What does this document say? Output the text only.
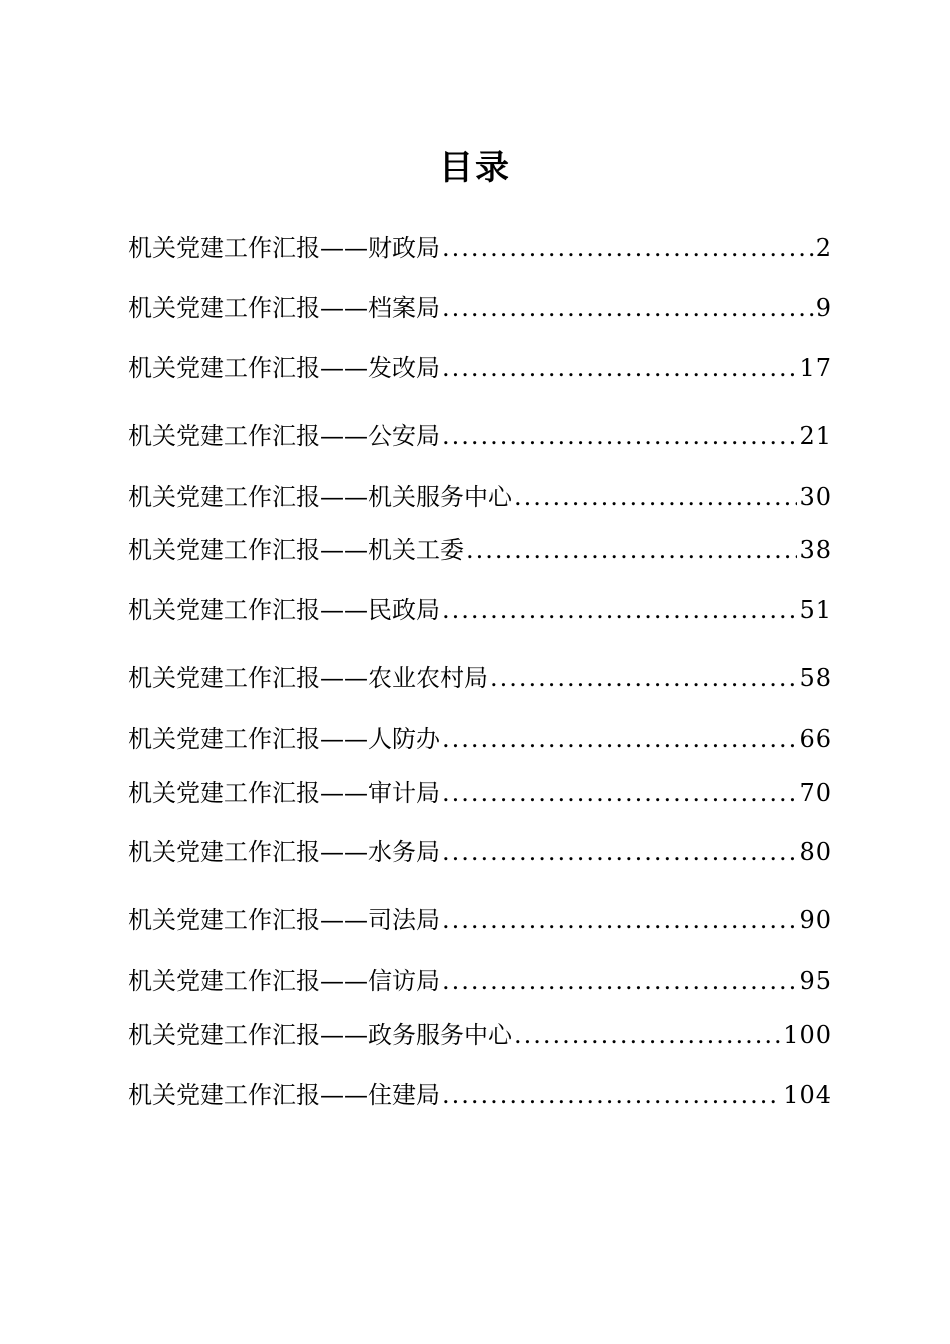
目录
机关党建工作汇报——财政局 .....	2
机关党建工作汇报——档案局 .....	9
机关党建工作汇报——发改局 .....	17
机关党建工作汇报——公安局 .....	21
机关党建工作汇报——机关服务中心 .....	30
机关党建工作汇报——机关工委 .....	38
机关党建工作汇报——民政局 .....	51
机关党建工作汇报——农业农村局 .....	58
机关党建工作汇报——人防办 .....	66
机关党建工作汇报——审计局 .....	70
机关党建工作汇报——水务局 .....	80
机关党建工作汇报——司法局 .....	90
机关党建工作汇报——信访局 .....	95
机关党建工作汇报——政务服务中心 .....	100
机关党建工作汇报——住建局 .....	104
